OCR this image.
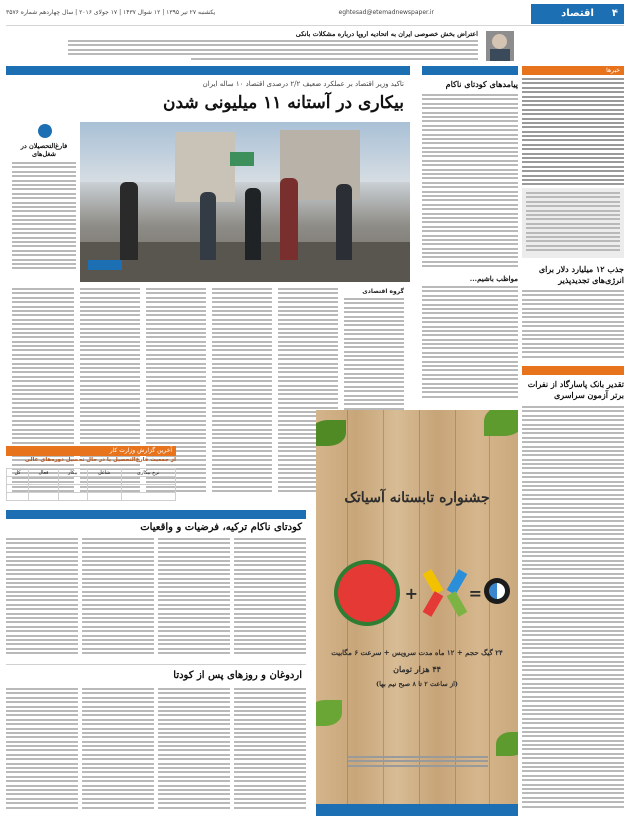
اقتصاد	۴
eghtesad@etemadnewspaper.ir
یکشنبه ۲۷ تیر ۱۳۹۵ | ۱۲ شوال ۱۴۳۷ | ۱۷ جولای ۲۰۱۶ | سال چهاردهم شماره ۳۵۷۶
اعتراض بخش خصوصی ایران به اتحادیه اروپا درباره مشکلات بانکی
خبرها
جذب ۱۲ میلیارد دلار برای انرژی‌های تجدیدپذیر
تقدیر بانک پاسارگاد از نفرات برتر آزمون سراسری
پیامدهای کودتای ناکام
مواظب باشیم...
تاکید وزیر اقتصاد بر عملکرد ضعیف ۲/۲ درصدی اقتصاد ۱۰ ساله ایران
بیکاری در آستانه ۱۱ میلیونی شدن
فارغ‌التحصیلان در شغل‌های
گروه اقتصادی
آخرین گزارش وزارت کار
از جمعیت فارغ‌التحصیل یا در حال تحصیل دوره‌های عالی
نرخ بیکاری	شاغل	بیکار	فعال	کل

کودتای ناکام ترکیه، فرضیات و واقعیات
اردوغان و روزهای پس از کودتا
جشنواره تابستانه آسیاتک
+	=
۲۴ گیگ حجم + ۱۲ ماه مدت سرویس + سرعت ۶ مگابیت
۴۴ هزار تومان
(از ساعت ۲ تا ۸ صبح نیم بها)
